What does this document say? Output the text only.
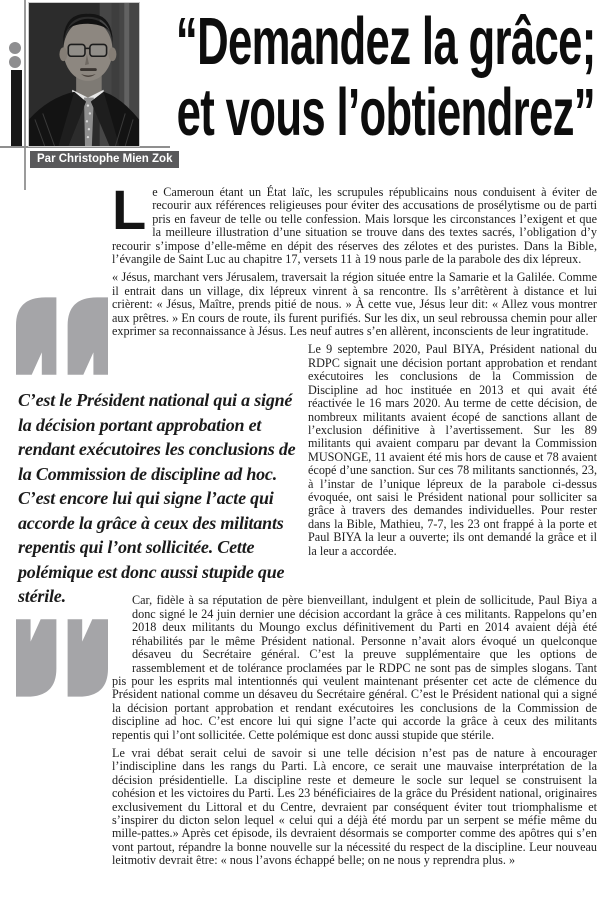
Par Christophe Mien Zok
“Demandez la grâce;
et vous l’obtiendrez”

Le Cameroun étant un État laïc, les scrupules républicains nous conduisent à éviter de recourir aux références religieuses pour éviter des accusations de prosélytisme ou de parti pris en faveur de telle ou telle confession. Mais lorsque les circonstances l’exigent et que la meilleure illustration d’une situation se trouve dans des textes sacrés, l’obligation d’y recourir s’impose d’elle-même en dépit des réserves des zélotes et des puristes. Dans la Bible, l’évangile de Saint Luc au chapitre 17, versets 11 à 19 nous parle de la parabole des dix lépreux.

« Jésus, marchant vers Jérusalem, traversait la région située entre la Samarie et la Galilée. Comme il entrait dans un village, dix lépreux vinrent à sa rencontre. Ils s’arrêtèrent à distance et lui crièrent: « Jésus, Maître, prends pitié de nous. » À cette vue, Jésus leur dit: « Allez vous montrer aux prêtres. » En cours de route, ils furent purifiés. Sur les dix, un seul rebroussa chemin pour aller exprimer sa reconnaissance à Jésus. Les neuf autres s’en allèrent, inconscients de leur ingratitude.

Le 9 septembre 2020, Paul BIYA, Président national du RDPC signait une décision portant approbation et rendant exécutoires les conclusions de la Commission de Discipline ad hoc instituée en 2013 et qui avait été réactivée le 16 mars 2020. Au terme de cette décision, de nombreux militants avaient écopé de sanctions allant de l’exclusion définitive à l’avertissement. Sur les 89 militants qui avaient comparu par devant la Commission MUSONGE, 11 avaient été mis hors de cause et 78 avaient écopé d’une sanction. Sur ces 78 militants sanctionnés, 23, à l’instar de l’unique lépreux de la parabole ci-dessus évoquée, ont saisi le Président national pour solliciter sa grâce à travers des demandes individuelles. Pour rester dans la Bible, Mathieu, 7-7, les 23 ont frappé à la porte et Paul BIYA la leur a ouverte; ils ont demandé la grâce et il la leur a accordée.

Car, fidèle à sa réputation de père bienveillant, indulgent et plein de sollicitude, Paul Biya a donc signé le 24 juin dernier une décision accordant la grâce à ces militants. Rappelons qu’en 2018 deux militants du Moungo exclus définitivement du Parti en 2014 avaient déjà été réhabilités par le même Président national. Personne n’avait alors évoqué un quelconque désaveu du Secrétaire général. C’est la preuve supplémentaire que les options de rassemblement et de tolérance proclamées par le RDPC ne sont pas de simples slogans. Tant pis pour les esprits mal intentionnés qui veulent maintenant présenter cet acte de clémence du Président national comme un désaveu du Secrétaire général. C’est le Président national qui a signé la décision portant approbation et rendant exécutoires les conclusions de la Commission de discipline ad hoc. C’est encore lui qui signe l’acte qui accorde la grâce à ceux des militants repentis qui l’ont sollicitée. Cette polémique est donc aussi stupide que stérile.

Le vrai débat serait celui de savoir si une telle décision n’est pas de nature à encourager l’indiscipline dans les rangs du Parti. Là encore, ce serait une mauvaise interprétation de la décision présidentielle. La discipline reste et demeure le socle sur lequel se construisent la cohésion et les victoires du Parti. Les 23 bénéficiaires de la grâce du Président national, originaires exclusivement du Littoral et du Centre, devraient par conséquent éviter tout triomphalisme et s’inspirer du dicton selon lequel « celui qui a déjà été mordu par un serpent se méfie même du mille-pattes.» Après cet épisode, ils devraient désormais se comporter comme des apôtres qui s’en vont partout, répandre la bonne nouvelle sur la nécessité du respect de la discipline. Leur nouveau leitmotiv devrait être: « nous l’avons échappé belle; on ne nous y reprendra plus. »

C’est le Président national qui a signé la décision portant approbation et rendant exécutoires les conclusions de la Commission de discipline ad hoc. C’est encore lui qui signe l’acte qui accorde la grâce à ceux des militants repentis qui l’ont sollicitée. Cette polémique est donc aussi stupide que stérile.
